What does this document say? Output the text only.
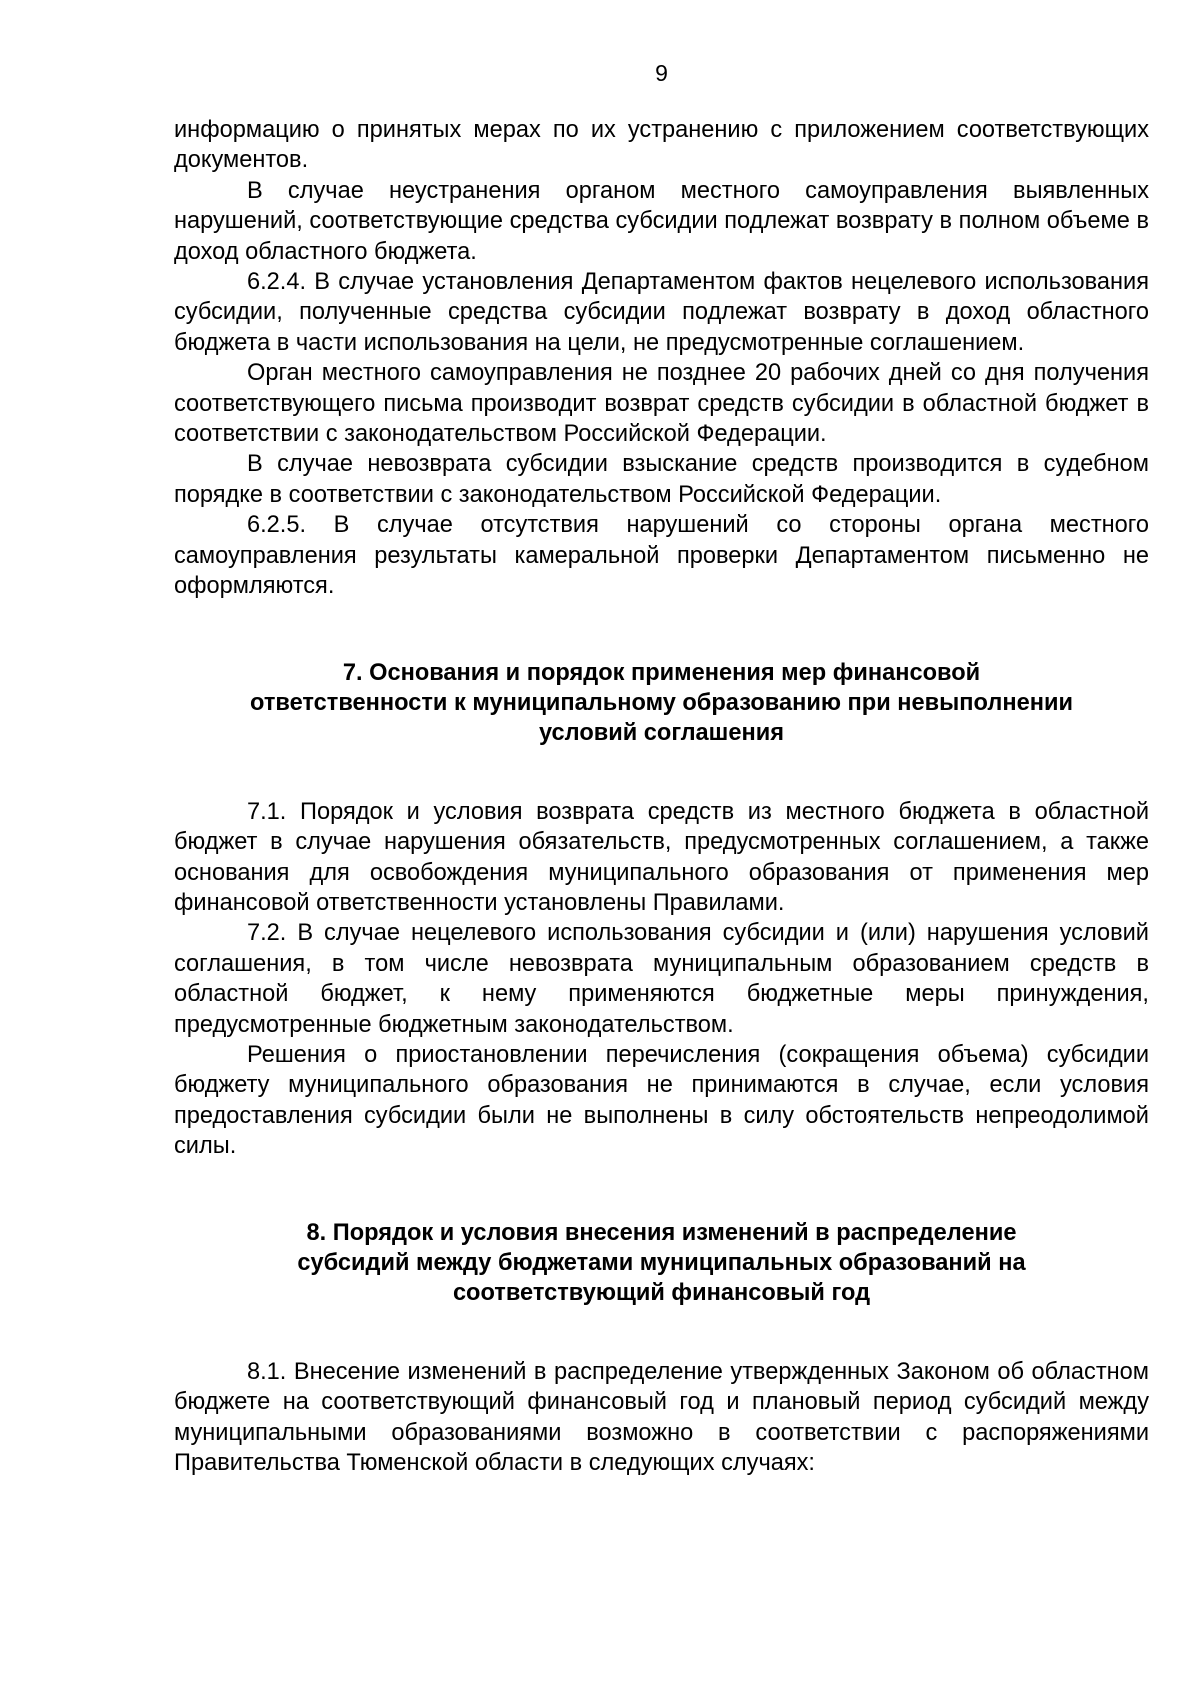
9

информацию о принятых мерах по их устранению с приложением соответствующих документов.

В случае неустранения органом местного самоуправления выявленных нарушений, соответствующие средства субсидии подлежат возврату в полном объеме в доход областного бюджета.

6.2.4. В случае установления Департаментом фактов нецелевого использования субсидии, полученные средства субсидии подлежат возврату в доход областного бюджета в части использования на цели, не предусмотренные соглашением.

Орган местного самоуправления не позднее 20 рабочих дней со дня получения соответствующего письма производит возврат средств субсидии в областной бюджет в соответствии с законодательством Российской Федерации.

В случае невозврата субсидии взыскание средств производится в судебном порядке в соответствии с законодательством Российской Федерации.

6.2.5. В случае отсутствия нарушений со стороны органа местного самоуправления результаты камеральной проверки Департаментом письменно не оформляются.

7. Основания и порядок применения мер финансовой
ответственности к муниципальному образованию при невыполнении
условий соглашения

7.1. Порядок и условия возврата средств из местного бюджета в областной бюджет в случае нарушения обязательств, предусмотренных соглашением, а также основания для освобождения муниципального образования от применения мер финансовой ответственности установлены Правилами.

7.2. В случае нецелевого использования субсидии и (или) нарушения условий соглашения, в том числе невозврата муниципальным образованием средств в областной бюджет, к нему применяются бюджетные меры принуждения, предусмотренные бюджетным законодательством.

Решения о приостановлении перечисления (сокращения объема) субсидии бюджету муниципального образования не принимаются в случае, если условия предоставления субсидии были не выполнены в силу обстоятельств непреодолимой силы.

8. Порядок и условия внесения изменений в распределение
субсидий между бюджетами муниципальных образований на
соответствующий финансовый год

8.1. Внесение изменений в распределение утвержденных Законом об областном бюджете на соответствующий финансовый год и плановый период субсидий между муниципальными образованиями возможно в соответствии с распоряжениями Правительства Тюменской области в следующих случаях:
